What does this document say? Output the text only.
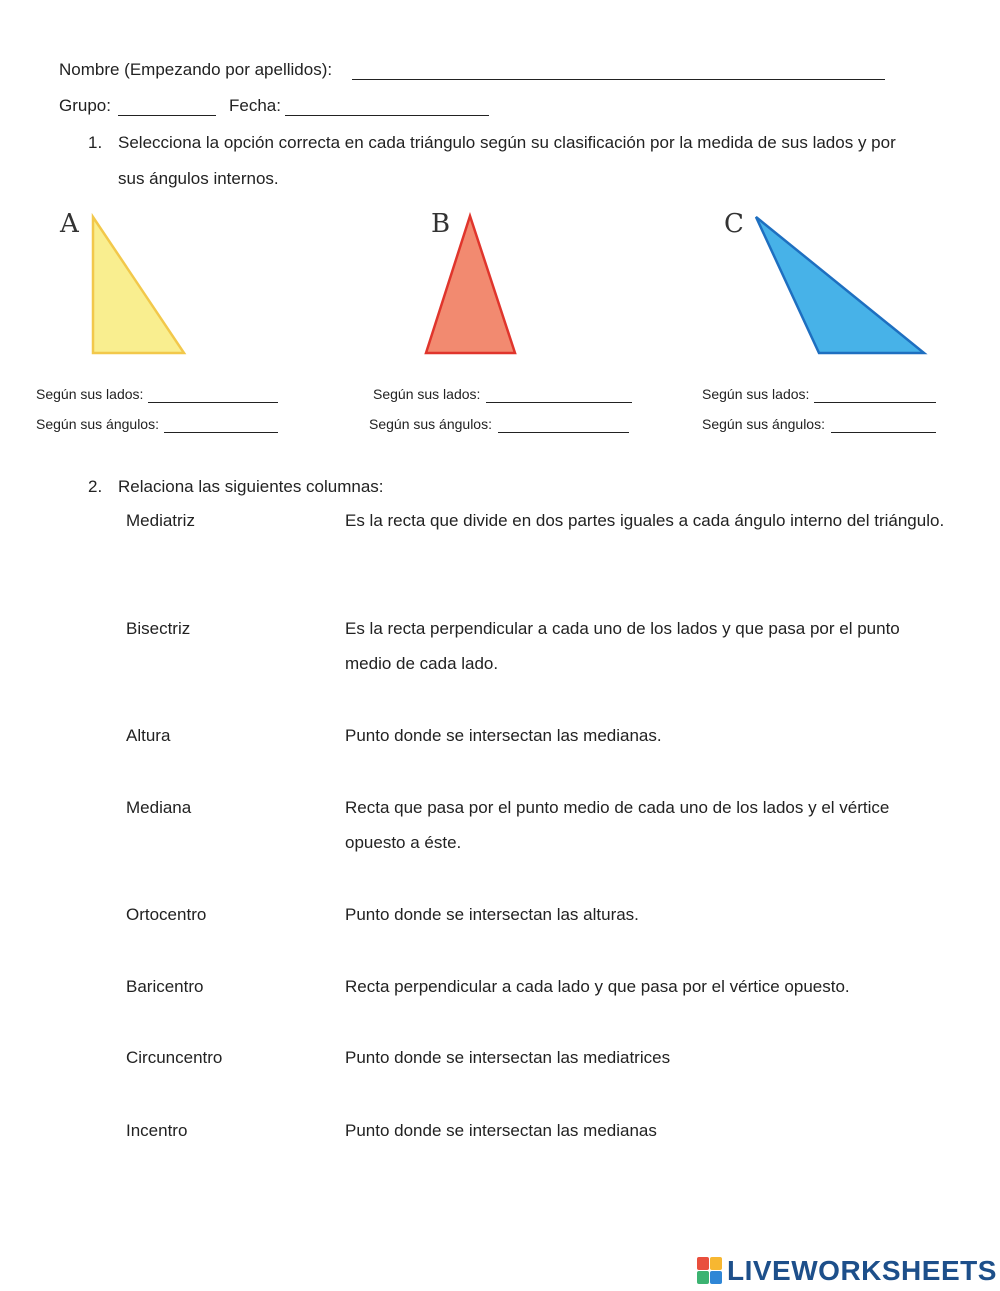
Nombre (Empezando por apellidos):
Grupo:	Fecha:
1. Selecciona la opción correcta en cada triángulo según su clasificación por la medida de sus lados y por
sus ángulos internos.
A	B	C
Según sus lados:
Según sus ángulos:
Según sus lados:
Según sus ángulos:
Según sus lados:
Según sus ángulos:
2. Relaciona las siguientes columnas:
Mediatriz	Es la recta que divide en dos partes iguales a cada ángulo interno del triángulo.
Bisectriz	Es la recta perpendicular a cada uno de los lados y que pasa por el punto medio de cada lado.
Altura	Punto donde se intersectan las medianas.
Mediana	Recta que pasa por el punto medio de cada uno de los lados y el vértice opuesto a éste.
Ortocentro	Punto donde se intersectan las alturas.
Baricentro	Recta perpendicular a cada lado y que pasa por el vértice opuesto.
Circuncentro	Punto donde se intersectan las mediatrices
Incentro	Punto donde se intersectan las medianas
LIVEWORKSHEETS
